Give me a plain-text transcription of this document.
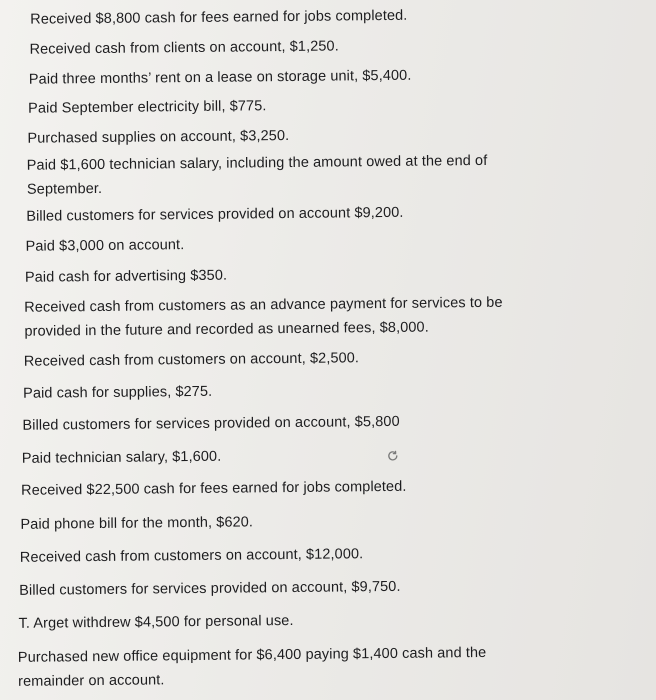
Received $8,800 cash for fees earned for jobs completed.
Received cash from clients on account, $1,250.
Paid three months’ rent on a lease on storage unit, $5,400.
Paid September electricity bill, $775.
Purchased supplies on account, $3,250.
Paid $1,600 technician salary, including the amount owed at the end of September.
Billed customers for services provided on account $9,200.
Paid $3,000 on account.
Paid cash for advertising $350.
Received cash from customers as an advance payment for services to be provided in the future and recorded as unearned fees, $8,000.
Received cash from customers on account, $2,500.
Paid cash for supplies, $275.
Billed customers for services provided on account, $5,800
Paid technician salary, $1,600.
Received $22,500 cash for fees earned for jobs completed.
Paid phone bill for the month, $620.
Received cash from customers on account, $12,000.
Billed customers for services provided on account, $9,750.
T. Arget withdrew $4,500 for personal use.
Purchased new office equipment for $6,400 paying $1,400 cash and the remainder on account.
